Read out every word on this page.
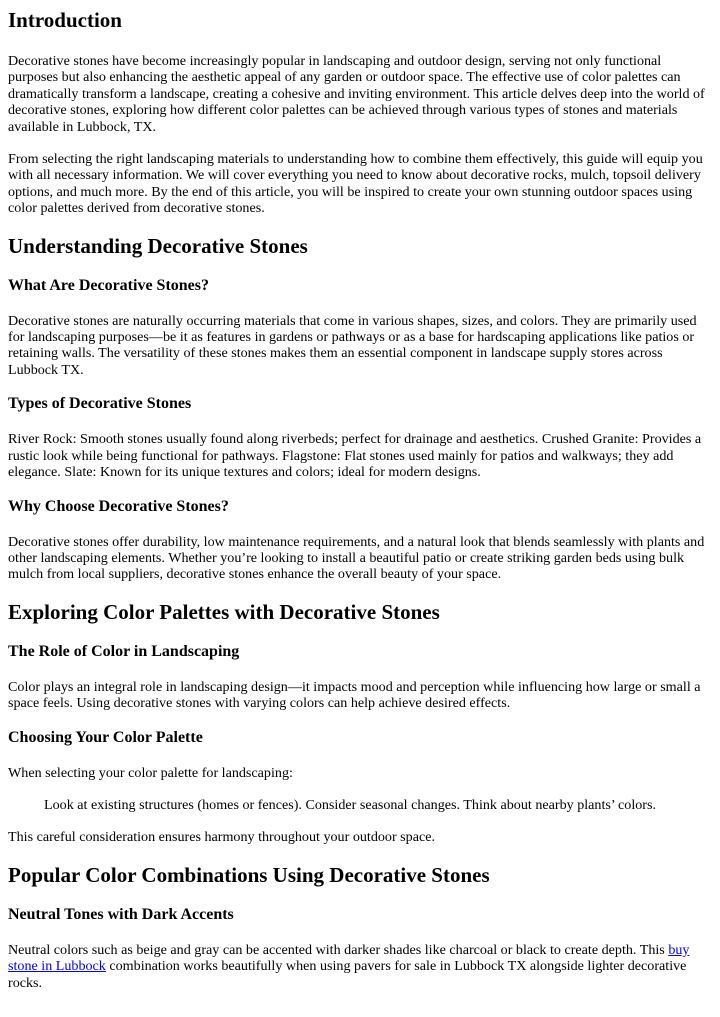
Introduction

Decorative stones have become increasingly popular in landscaping and outdoor design, serving not only functional purposes but also enhancing the aesthetic appeal of any garden or outdoor space. The effective use of color palettes can dramatically transform a landscape, creating a cohesive and inviting environment. This article delves deep into the world of decorative stones, exploring how different color palettes can be achieved through various types of stones and materials available in Lubbock, TX.

From selecting the right landscaping materials to understanding how to combine them effectively, this guide will equip you with all necessary information. We will cover everything you need to know about decorative rocks, mulch, topsoil delivery options, and much more. By the end of this article, you will be inspired to create your own stunning outdoor spaces using color palettes derived from decorative stones.

Understanding Decorative Stones
What Are Decorative Stones?

Decorative stones are naturally occurring materials that come in various shapes, sizes, and colors. They are primarily used for landscaping purposes—be it as features in gardens or pathways or as a base for hardscaping applications like patios or retaining walls. The versatility of these stones makes them an essential component in landscape supply stores across Lubbock TX.

Types of Decorative Stones

River Rock: Smooth stones usually found along riverbeds; perfect for drainage and aesthetics. Crushed Granite: Provides a rustic look while being functional for pathways. Flagstone: Flat stones used mainly for patios and walkways; they add elegance. Slate: Known for its unique textures and colors; ideal for modern designs.

Why Choose Decorative Stones?

Decorative stones offer durability, low maintenance requirements, and a natural look that blends seamlessly with plants and other landscaping elements. Whether you’re looking to install a beautiful patio or create striking garden beds using bulk mulch from local suppliers, decorative stones enhance the overall beauty of your space.

Exploring Color Palettes with Decorative Stones
The Role of Color in Landscaping

Color plays an integral role in landscaping design—it impacts mood and perception while influencing how large or small a space feels. Using decorative stones with varying colors can help achieve desired effects.

Choosing Your Color Palette

When selecting your color palette for landscaping:

Look at existing structures (homes or fences). Consider seasonal changes. Think about nearby plants’ colors.

This careful consideration ensures harmony throughout your outdoor space.

Popular Color Combinations Using Decorative Stones
Neutral Tones with Dark Accents

Neutral colors such as beige and gray can be accented with darker shades like charcoal or black to create depth. This buy stone in Lubbock combination works beautifully when using pavers for sale in Lubbock TX alongside lighter decorative rocks.
